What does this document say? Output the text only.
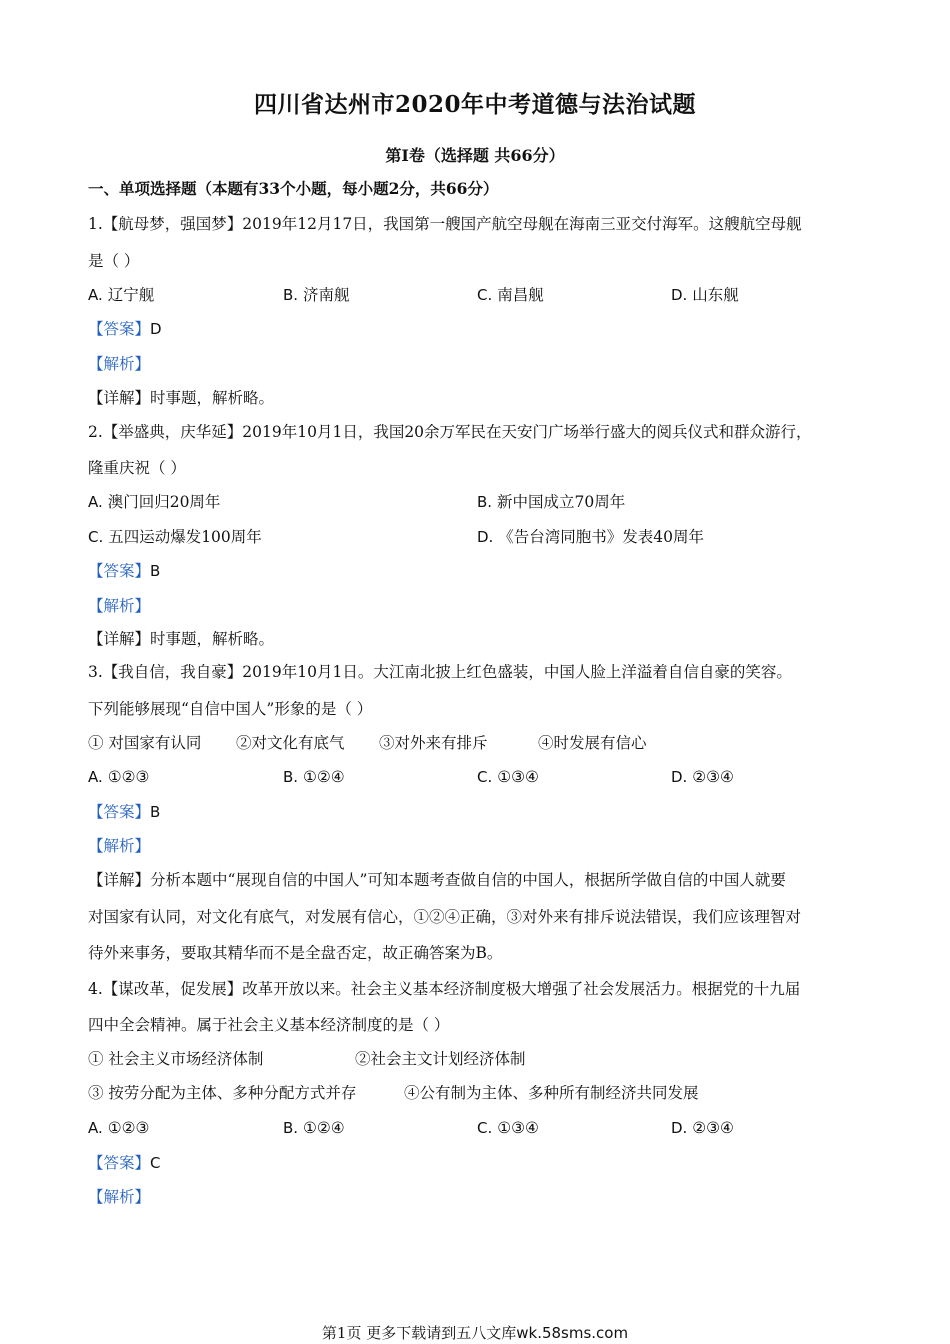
四川省达州市2020年中考道德与法治试题
第I卷（选择题 共66分）
一、单项选择题（本题有33个小题，每小题2分，共66分）
1.【航母梦，强国梦】2019年12月17日，我国第一艘国产航空母舰在海南三亚交付海军。这艘航空母舰
是（ ）
A. 辽宁舰	B. 济南舰	C. 南昌舰	D. 山东舰
【答案】D
【解析】
【详解】时事题，解析略。
2.【举盛典，庆华延】2019年10月1日，我国20余万军民在天安门广场举行盛大的阅兵仪式和群众游行，
隆重庆祝（ ）
A. 澳门回归20周年	B. 新中国成立70周年
C. 五四运动爆发100周年	D. 《告台湾同胞书》发表40周年
【答案】B
【解析】
【详解】时事题，解析略。
3.【我自信，我自豪】2019年10月1日。大江南北披上红色盛装，中国人脸上洋溢着自信自豪的笑容。
下列能够展现“自信中国人”形象的是（ ）
① 对国家有认同 ②对文化有底气 ③对外来有排斥	④时发展有信心
A. ①②③	B. ①②④	C. ①③④	D. ②③④
【答案】B
【解析】
【详解】分析本题中“展现自信的中国人”可知本题考查做自信的中国人，根据所学做自信的中国人就要
对国家有认同，对文化有底气，对发展有信心，①②④正确，③对外来有排斥说法错误，我们应该理智对
待外来事务，要取其精华而不是全盘否定，故正确答案为B。
4.【谋改革，促发展】改革开放以来。社会主义基本经济制度极大增强了社会发展活力。根据党的十九届
四中全会精神。属于社会主义基本经济制度的是（ ）
① 社会主义市场经济体制	②社会主文计划经济体制
③ 按劳分配为主体、多种分配方式并存	④公有制为主体、多种所有制经济共同发展
A. ①②③	B. ①②④	C. ①③④	D. ②③④
【答案】C
【解析】
第1页 更多下载请到五八文库wk.58sms.com
